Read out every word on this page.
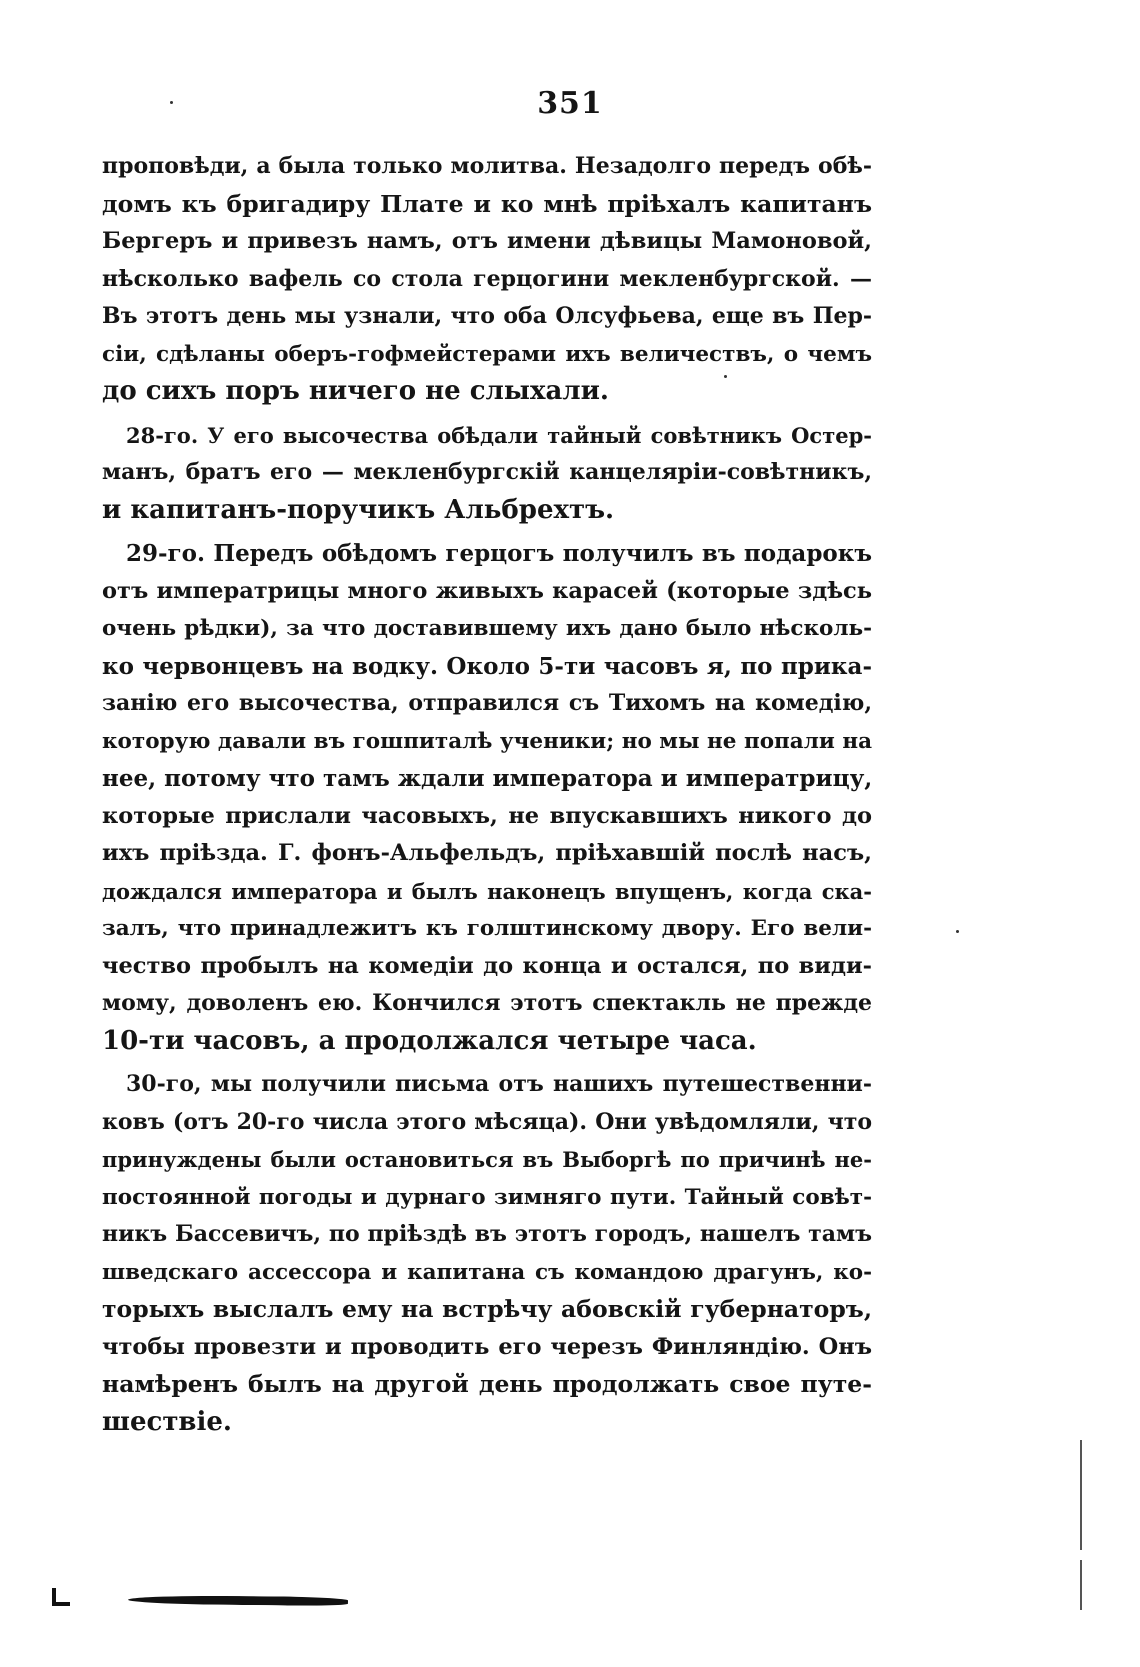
351

проповѣди, а была только молитва. Незадолго передъ обѣ-
домъ къ бригадиру Плате и ко мнѣ пріѣхалъ капитанъ
Бергеръ и привезъ намъ, отъ имени дѣвицы Мамоновой,
нѣсколько вафель со стола герцогини мекленбургской. —
Въ этотъ день мы узнали, что оба Олсуфьева, еще въ Пер-
сіи, сдѣланы оберъ-гофмейстерами ихъ величествъ, о чемъ
до сихъ поръ ничего не слыхали.

28-го. У его высочества обѣдали тайный совѣтникъ Остер-
манъ, братъ его — мекленбургскій канцеляріи-совѣтникъ,
и капитанъ-поручикъ Альбрехтъ.

29-го. Передъ обѣдомъ герцогъ получилъ въ подарокъ
отъ императрицы много живыхъ карасей (которые здѣсь
очень рѣдки), за что доставившему ихъ дано было нѣсколь-
ко червонцевъ на водку. Около 5-ти часовъ я, по прика-
занію его высочества, отправился съ Тихомъ на комедію,
которую давали въ гошпиталѣ ученики; но мы не попали на
нее, потому что тамъ ждали императора и императрицу,
которые прислали часовыхъ, не впускавшихъ никого до
ихъ пріѣзда. Г. фонъ-Альфельдъ, пріѣхавшій послѣ насъ,
дождался императора и былъ наконецъ впущенъ, когда ска-
залъ, что принадлежитъ къ голштинскому двору. Его вели-
чество пробылъ на комедіи до конца и остался, по види-
мому, доволенъ ею. Кончился этотъ спектакль не прежде
10-ти часовъ, а продолжался четыре часа.

30-го, мы получили письма отъ нашихъ путешественни-
ковъ (отъ 20-го числа этого мѣсяца). Они увѣдомляли, что
принуждены были остановиться въ Выборгѣ по причинѣ не-
постоянной погоды и дурнаго зимняго пути. Тайный совѣт-
никъ Бассевичъ, по пріѣздѣ въ этотъ городъ, нашелъ тамъ
шведскаго ассессора и капитана съ командою драгунъ, ко-
торыхъ выслалъ ему на встрѣчу абовскій губернаторъ,
чтобы провезти и проводить его черезъ Финляндію. Онъ
намѣренъ былъ на другой день продолжать свое путе-
шествіе.
